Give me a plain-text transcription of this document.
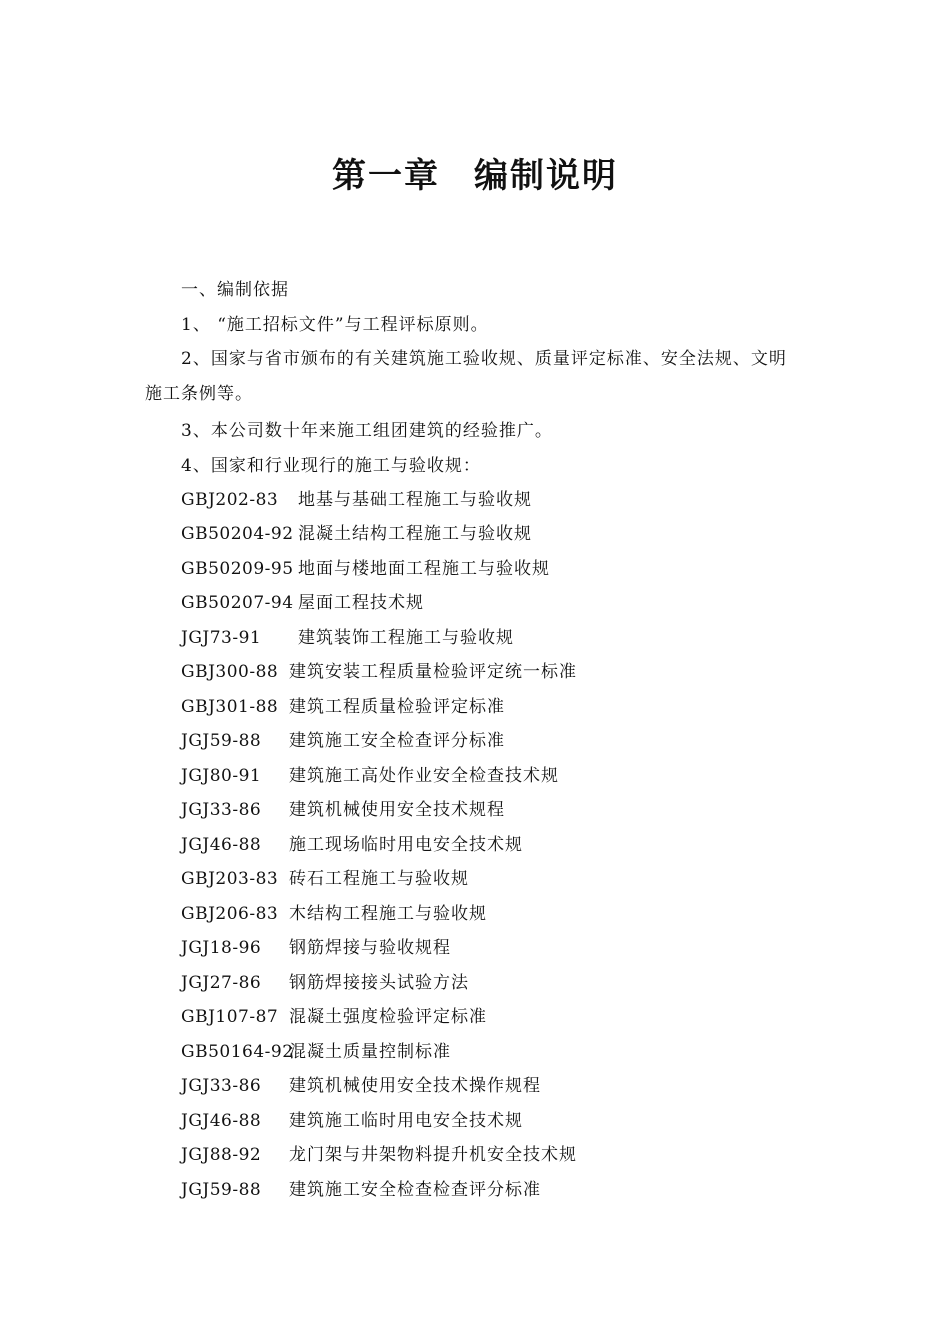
第一章 编制说明
一、编制依据
1、 “施工招标文件”与工程评标原则。
2、国家与省市颁布的有关建筑施工验收规、质量评定标准、安全法规、文明
施工条例等。
3、本公司数十年来施工组团建筑的经验推广。
4、国家和行业现行的施工与验收规：
GBJ202-83 地基与基础工程施工与验收规
GB50204-92 混凝土结构工程施工与验收规
GB50209-95 地面与楼地面工程施工与验收规
GB50207-94 屋面工程技术规
JGJ73-91 建筑装饰工程施工与验收规
GBJ300-88 建筑安装工程质量检验评定统一标准
GBJ301-88 建筑工程质量检验评定标准
JGJ59-88 建筑施工安全检查评分标准
JGJ80-91 建筑施工高处作业安全检查技术规
JGJ33-86 建筑机械使用安全技术规程
JGJ46-88 施工现场临时用电安全技术规
GBJ203-83 砖石工程施工与验收规
GBJ206-83 木结构工程施工与验收规
JGJ18-96 钢筋焊接与验收规程
JGJ27-86 钢筋焊接接头试验方法
GBJ107-87 混凝土强度检验评定标准
GB50164-92混凝土质量控制标准
JGJ33-86 建筑机械使用安全技术操作规程
JGJ46-88 建筑施工临时用电安全技术规
JGJ88-92 龙门架与井架物料提升机安全技术规
JGJ59-88 建筑施工安全检查检查评分标准
